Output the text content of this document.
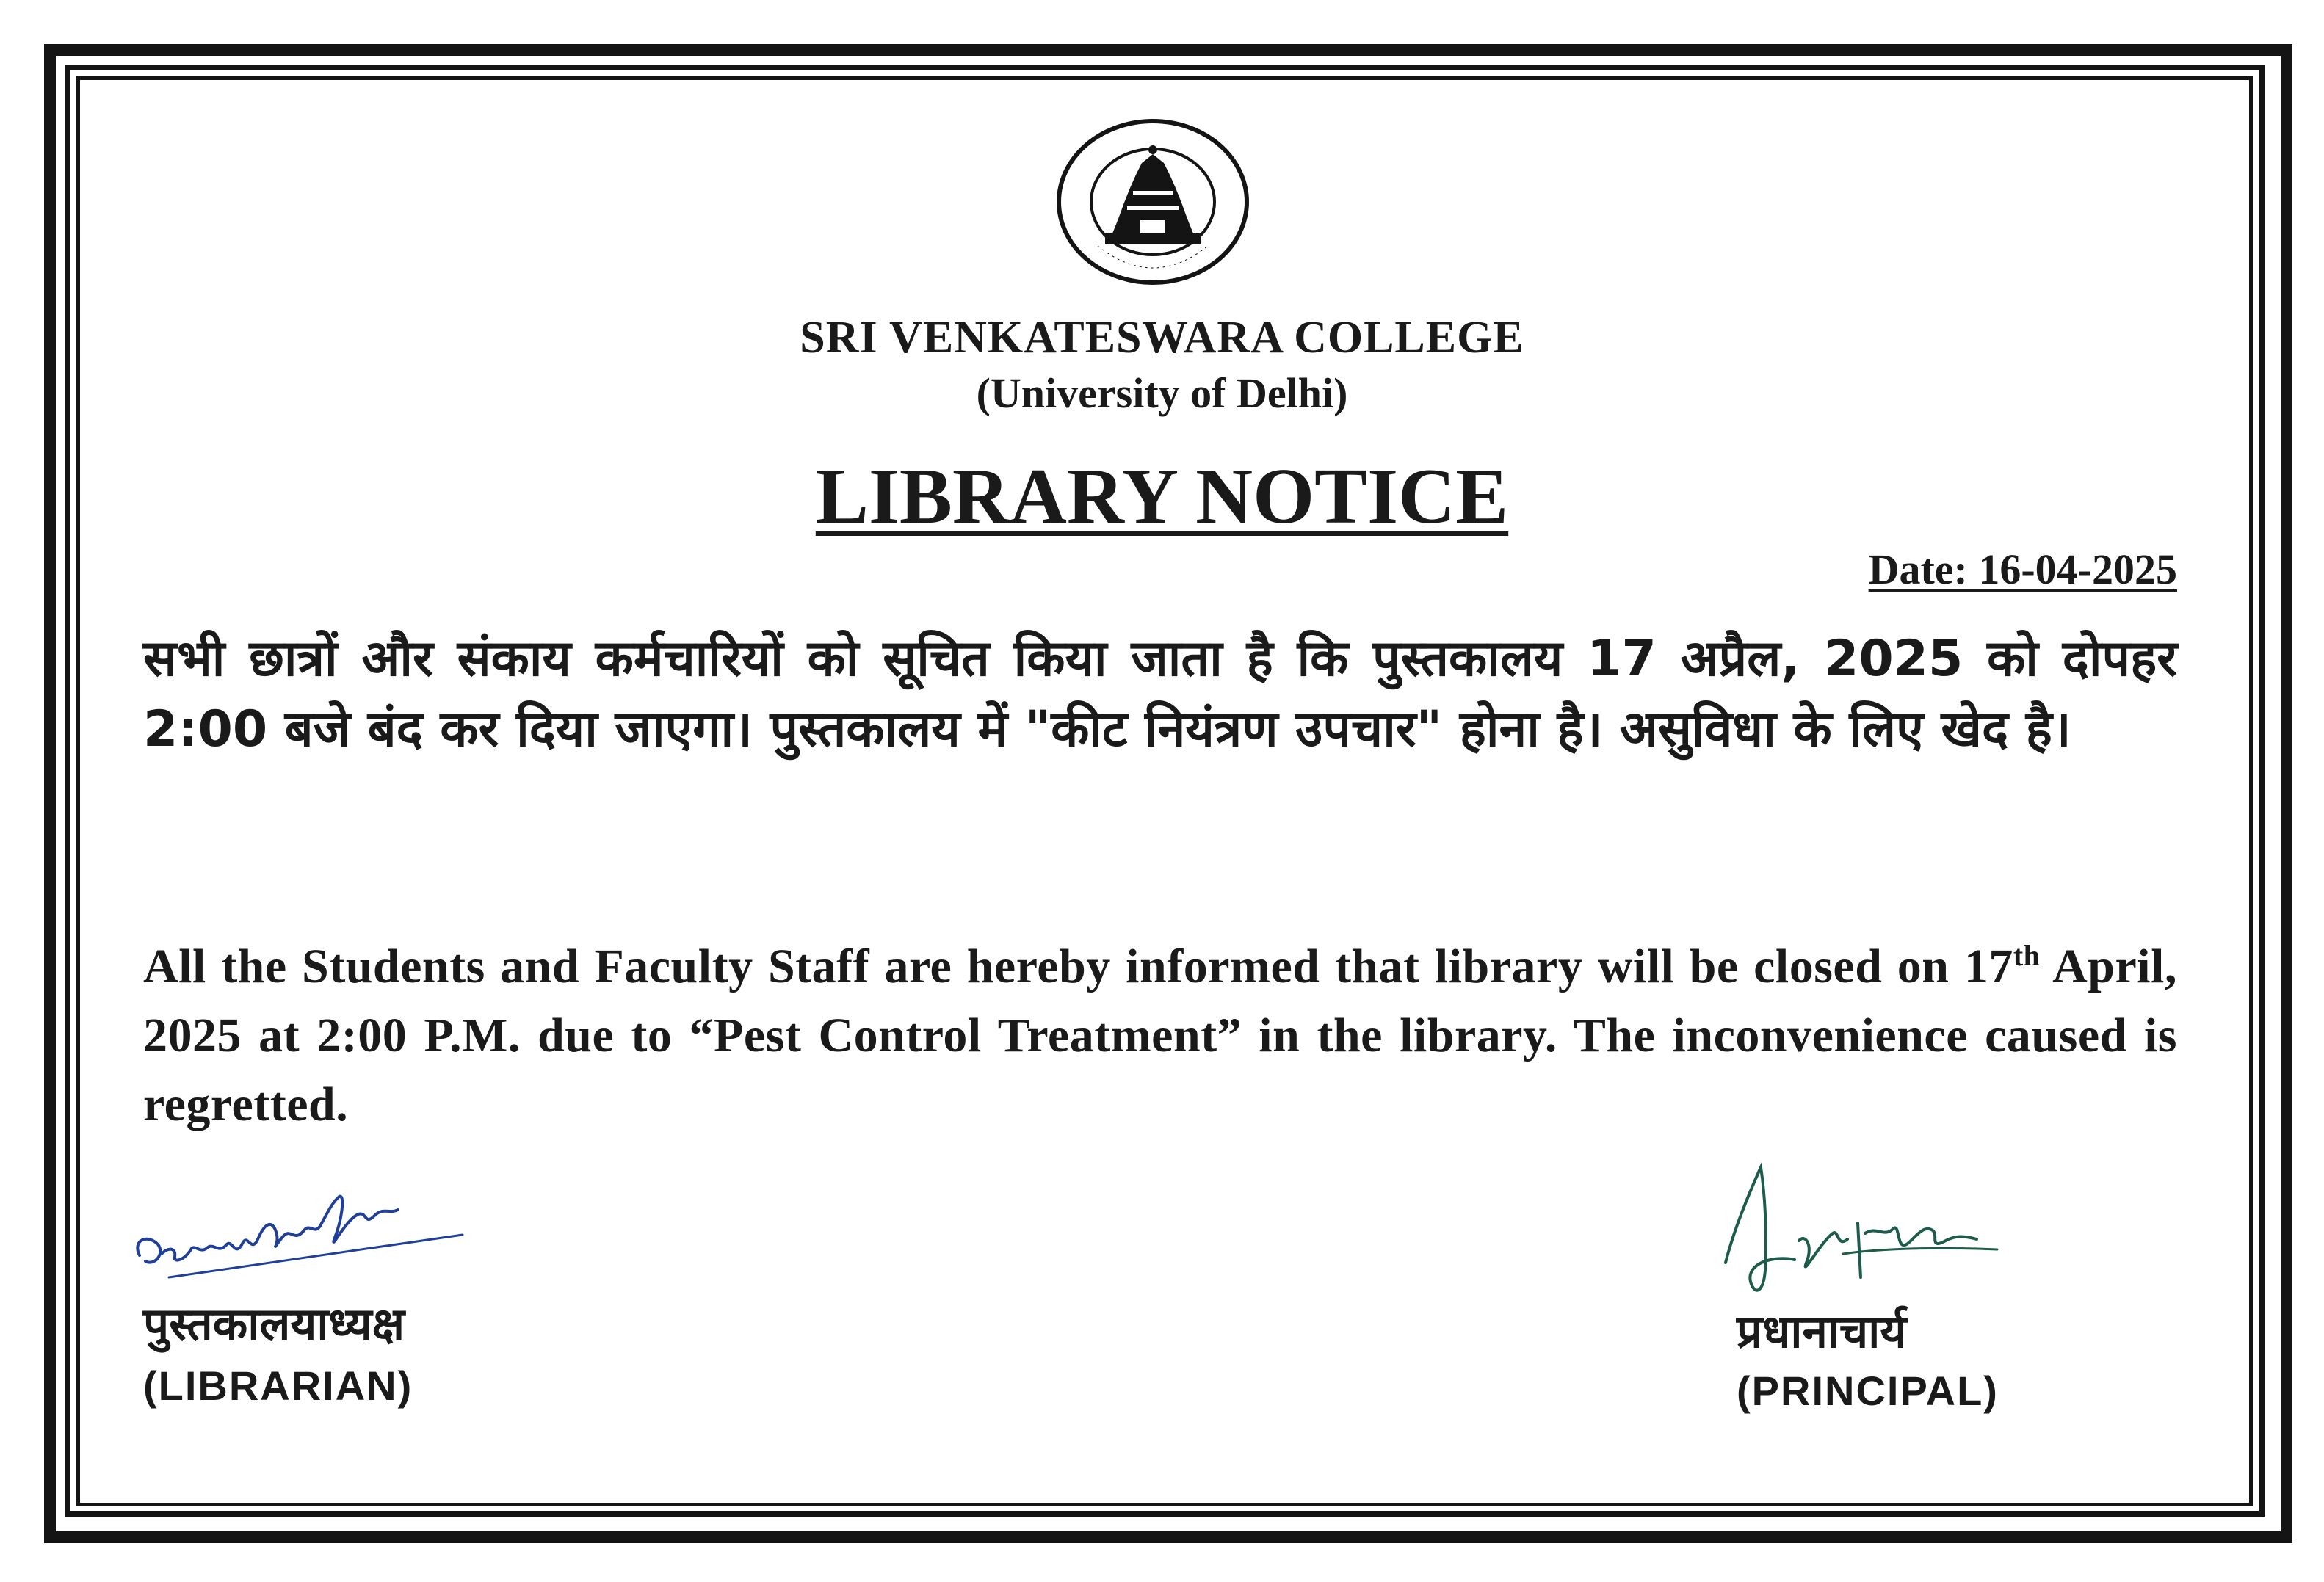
SRI VENKATESWARA COLLEGE
(University of Delhi)
LIBRARY NOTICE
Date: 16-04-2025
सभी छात्रों और संकाय कर्मचारियों को सूचित किया जाता है कि पुस्तकालय 17 अप्रैल, 2025 को दोपहर 2:00 बजे बंद कर दिया जाएगा। पुस्तकालय में "कीट नियंत्रण उपचार" होना है। असुविधा के लिए खेद है।
All the Students and Faculty Staff are hereby informed that library will be closed on 17th April, 2025 at 2:00 P.M. due to “Pest Control Treatment” in the library. The inconvenience caused is regretted.
पुस्तकालयाध्यक्ष
(LIBRARIAN)
प्रधानाचार्य
(PRINCIPAL)
